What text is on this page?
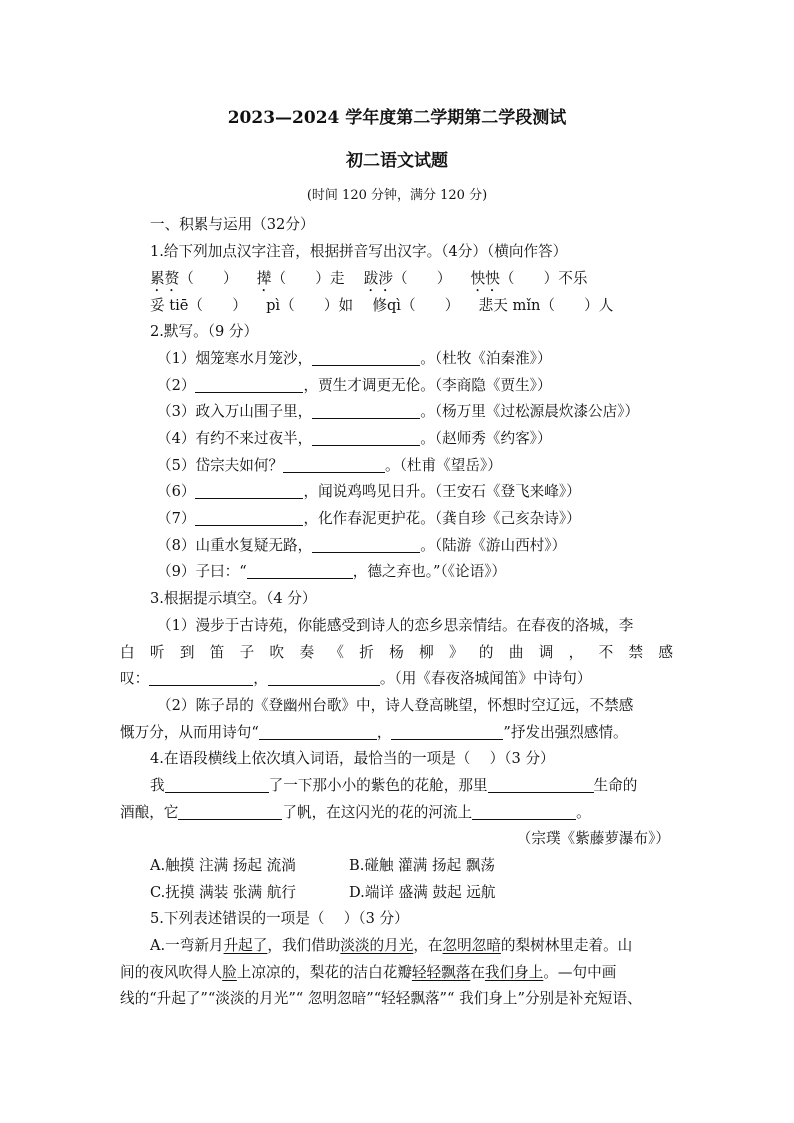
2023—2024 学年度第二学期第二学段测试
初二语文试题
(时间 120 分钟，满分 120 分)
一、积累与运用（32分）
1.给下列加点汉字注音，根据拼音写出汉字。（4分）（横向作答）
累赘（　　） 撵（　　）走 跋涉（　　） 怏怏（　　）不乐
妥 tiē（　　） pì（　　）如 修qì（　　） 悲天 mǐn（　　）人
2.默写。（9 分）
（1）烟笼寒水月笼沙，	。（杜牧《泊秦淮》）
（2）	，贾生才调更无伦。（李商隐《贾生》）
（3）政入万山围子里，	。（杨万里《过松源晨炊漆公店》）
（4）有约不来过夜半，	。（赵师秀《约客》）
（5）岱宗夫如何？	。（杜甫《望岳》）
（6）	，闻说鸡鸣见日升。（王安石《登飞来峰》）
（7）	，化作春泥更护花。（龚自珍《己亥杂诗》）
（8）山重水复疑无路，	。（陆游《游山西村》）
（9）子曰：“	，德之弃也。”（《论语》）
3.根据提示填空。（4 分）
（1）漫步于古诗苑，你能感受到诗人的恋乡思亲情结。在春夜的洛城，李
白听到笛子吹奏《折杨柳》的曲调，不禁感
叹：	，	。（用《春夜洛城闻笛》中诗句）
（2）陈子昂的《登幽州台歌》中，诗人登高眺望，怀想时空辽远，不禁感
慨万分，从而用诗句“	，	”抒发出强烈感情。
4.在语段横线上依次填入词语，最恰当的一项是（　 ）（3 分）
我	了一下那小小的紫色的花舱，那里	生命的
酒酿，它	了帆，在这闪光的花的河流上	。
（宗璞《紫藤萝瀑布》）
A.触摸 注满 扬起 流淌	B.碰触 灌满 扬起 飘荡
C.抚摸 满装 张满 航行	D.端详 盛满 鼓起 远航
5.下列表述错误的一项是（　 ）（3 分）
A.一弯新月升起了，我们借助淡淡的月光，在忽明忽暗的梨树林里走着。山
间的夜风吹得人脸上凉凉的，梨花的洁白花瓣轻轻飘落在我们身上。—句中画
线的“升起了”“淡淡的月光”“ 忽明忽暗”“轻轻飘落”“ 我们身上”分别是补充短语、
